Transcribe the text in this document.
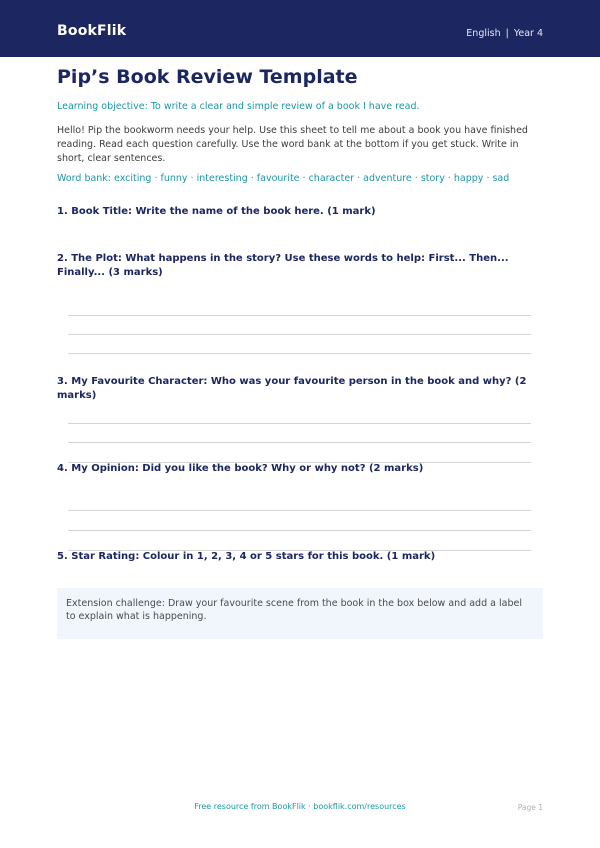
BookFlik	English | Year 4
Pip’s Book Review Template

Learning objective: To write a clear and simple review of a book I have read.

Hello! Pip the bookworm needs your help. Use this sheet to tell me about a book you have finished reading. Read each question carefully. Use the word bank at the bottom if you get stuck. Write in short, clear sentences.

Word bank: exciting · funny · interesting · favourite · character · adventure · story · happy · sad

1. Book Title: Write the name of the book here. (1 mark)
2. The Plot: What happens in the story? Use these words to help: First... Then... Finally... (3 marks)
3. My Favourite Character: Who was your favourite person in the book and why? (2 marks)
4. My Opinion: Did you like the book? Why or why not? (2 marks)
5. Star Rating: Colour in 1, 2, 3, 4 or 5 stars for this book. (1 mark)
Extension challenge: Draw your favourite scene from the book in the box below and add a label to explain what is happening.
Free resource from BookFlik · bookflik.com/resources	Page 1
